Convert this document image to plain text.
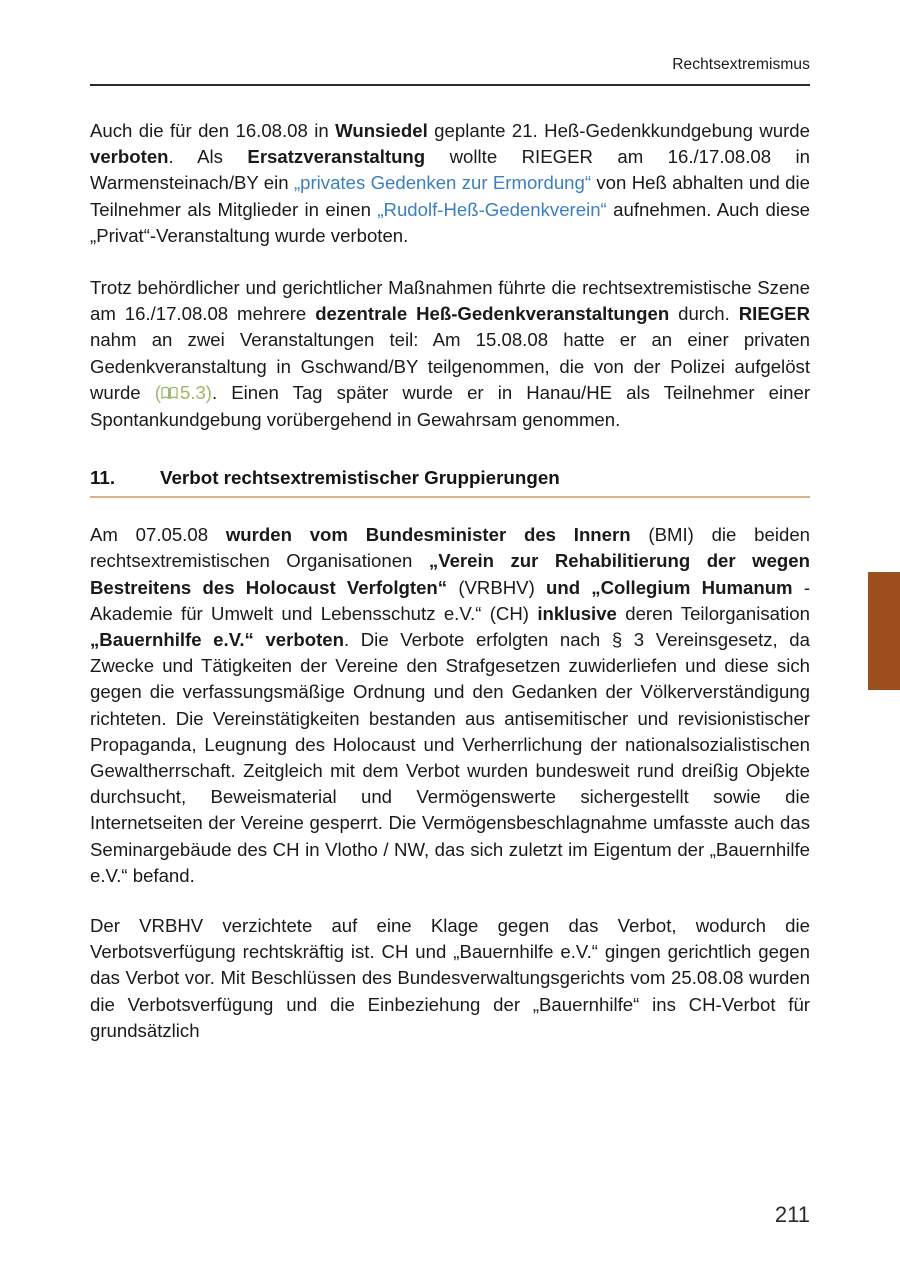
Rechtsextremismus

Auch die für den 16.08.08 in Wunsiedel geplante 21. Heß-Gedenkkundgebung wurde verboten. Als Ersatzveranstaltung wollte RIEGER am 16./17.08.08 in Warmensteinach/BY ein „privates Gedenken zur Ermordung“ von Heß abhalten und die Teilnehmer als Mitglieder in einen „Rudolf-Heß-Gedenkverein“ aufnehmen. Auch diese „Privat“-Veranstaltung wurde verboten.

Trotz behördlicher und gerichtlicher Maßnahmen führte die rechtsextremistische Szene am 16./17.08.08 mehrere dezentrale Heß-Gedenkveranstaltungen durch. RIEGER nahm an zwei Veranstaltungen teil: Am 15.08.08 hatte er an einer privaten Gedenkveranstaltung in Gschwand/BY teilgenommen, die von der Polizei aufgelöst wurde ( 5.3). Einen Tag später wurde er in Hanau/HE als Teilnehmer einer Spontankundgebung vorübergehend in Gewahrsam genommen.

11.	Verbot rechtsextremistischer Gruppierungen

Am 07.05.08 wurden vom Bundesminister des Innern (BMI) die beiden rechtsextremistischen Organisationen „Verein zur Rehabilitierung der wegen Bestreitens des Holocaust Verfolgten“ (VRBHV) und „Collegium Humanum - Akademie für Umwelt und Lebensschutz e.V.“ (CH) inklusive deren Teilorganisation „Bauernhilfe e.V.“ verboten. Die Verbote erfolgten nach § 3 Vereinsgesetz, da Zwecke und Tätigkeiten der Vereine den Strafgesetzen zuwiderliefen und diese sich gegen die verfassungsmäßige Ordnung und den Gedanken der Völkerverständigung richteten. Die Vereinstätigkeiten bestanden aus antisemitischer und revisionistischer Propaganda, Leugnung des Holocaust und Verherrlichung der nationalsozialistischen Gewaltherrschaft. Zeitgleich mit dem Verbot wurden bundesweit rund dreißig Objekte durchsucht, Beweismaterial und Vermögenswerte sichergestellt sowie die Internetseiten der Vereine gesperrt. Die Vermögensbeschlagnahme umfasste auch das Seminargebäude des CH in Vlotho / NW, das sich zuletzt im Eigentum der „Bauernhilfe e.V.“ befand.

Der VRBHV verzichtete auf eine Klage gegen das Verbot, wodurch die Verbotsverfügung rechtskräftig ist. CH und „Bauernhilfe e.V.“ gingen gerichtlich gegen das Verbot vor. Mit Beschlüssen des Bundesverwaltungsgerichts vom 25.08.08 wurden die Verbotsverfügung und die Einbeziehung der „Bauernhilfe“ ins CH-Verbot für grundsätzlich

211
